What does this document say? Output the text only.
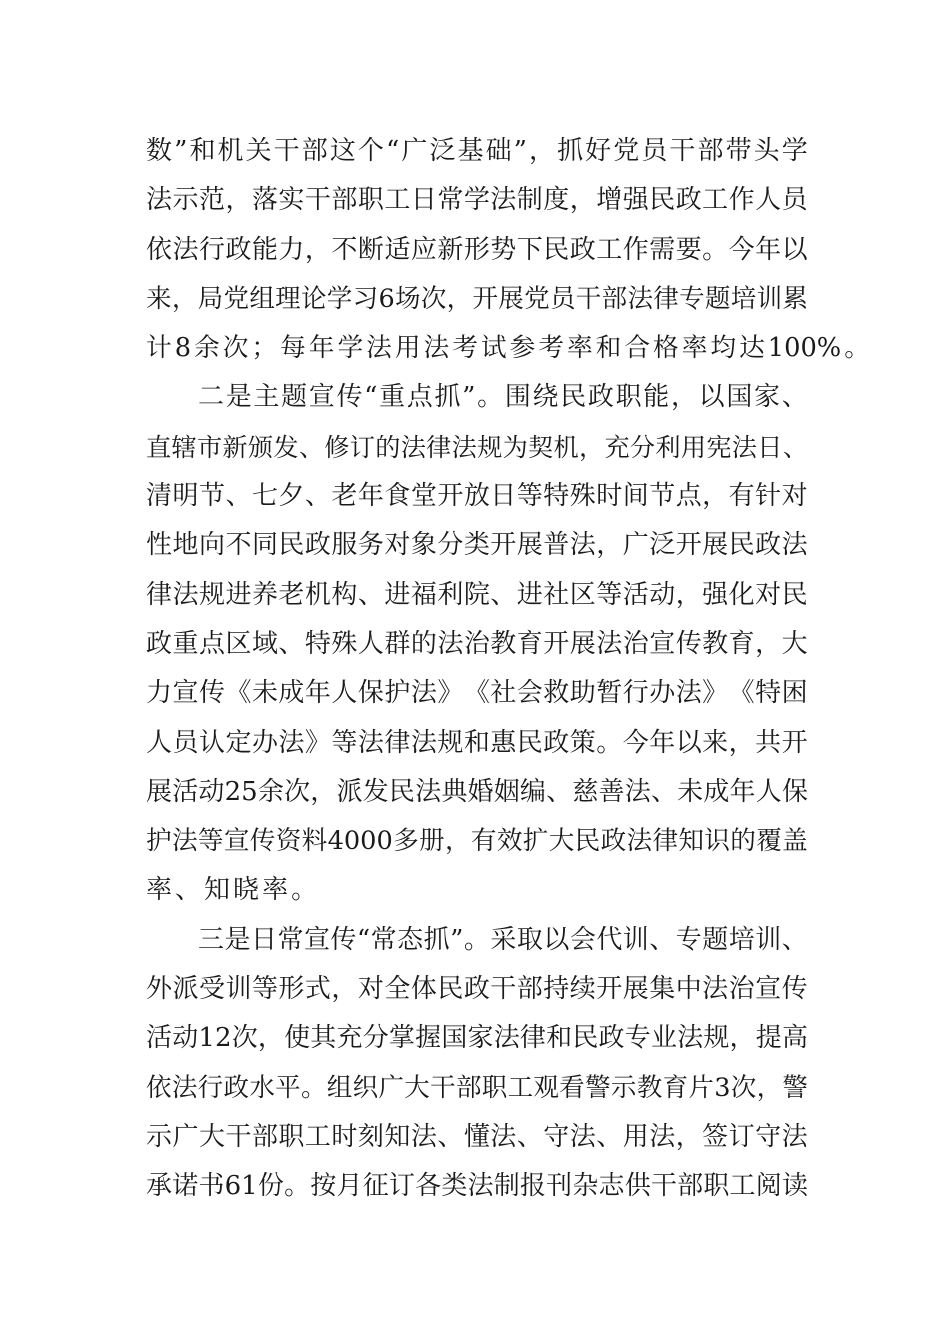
数 ” 和 机 关 干 部 这 个 “ 广 泛 基 础 ” ， 抓 好 党 员 干 部 带 头 学
法 示 范 ， 落 实 干 部 职 工 日 常 学 法 制 度 ， 增 强 民 政 工 作 人 员
依 法 行 政 能 力 ， 不 断 适 应 新 形 势 下 民 政 工 作 需 要 。 今 年 以
来 ， 局 党 组 理 论 学 习 6 场 次 ， 开 展 党 员 干 部 法 律 专 题 培 训 累
计 8 余 次 ； 每 年 学 法 用 法 考 试 参 考 率 和 合 格 率 均 达 100% 。
二 是 主 题 宣 传 “ 重 点 抓 ” 。 围 绕 民 政 职 能 ， 以 国 家 、
直 辖 市 新 颁 发 、 修 订 的 法 律 法 规 为 契 机 ， 充 分 利 用 宪 法 日 、
清 明 节 、 七 夕 、 老 年 食 堂 开 放 日 等 特 殊 时 间 节 点 ， 有 针 对
性 地 向 不 同 民 政 服 务 对 象 分 类 开 展 普 法 ， 广 泛 开 展 民 政 法
律 法 规 进 养 老 机 构 、 进 福 利 院 、 进 社 区 等 活 动 ， 强 化 对 民
政 重 点 区 域 、 特 殊 人 群 的 法 治 教 育 开 展 法 治 宣 传 教 育 ， 大
力 宣 传 《 未 成 年 人 保 护 法 》 《 社 会 救 助 暂 行 办 法 》 《 特 困
人 员 认 定 办 法 》 等 法 律 法 规 和 惠 民 政 策 。 今 年 以 来 ， 共 开
展 活 动 25 余 次 ， 派 发 民 法 典 婚 姻 编 、 慈 善 法 、 未 成 年 人 保
护 法 等 宣 传 资 料 4000 多 册 ， 有 效 扩 大 民 政 法 律 知 识 的 覆 盖
率 、 知 晓 率 。
三 是 日 常 宣 传 “ 常 态 抓 ” 。 采 取 以 会 代 训 、 专 题 培 训 、
外 派 受 训 等 形 式 ， 对 全 体 民 政 干 部 持 续 开 展 集 中 法 治 宣 传
活 动 12 次 ， 使 其 充 分 掌 握 国 家 法 律 和 民 政 专 业 法 规 ， 提 高
依 法 行 政 水 平 。 组 织 广 大 干 部 职 工 观 看 警 示 教 育 片 3 次 ， 警
示 广 大 干 部 职 工 时 刻 知 法 、 懂 法 、 守 法 、 用 法 ， 签 订 守 法
承 诺 书 61 份 。 按 月 征 订 各 类 法 制 报 刊 杂 志 供 干 部 职 工 阅 读
